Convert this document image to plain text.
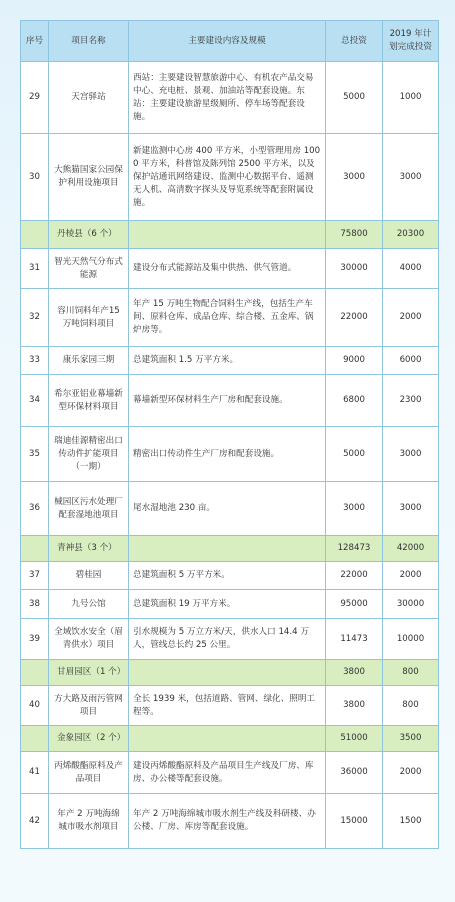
序号	项目名称	主要建设内容及规模	总投资	2019 年计划完成投资
29	天宫驿站	西站：主要建设智慧旅游中心、有机农产品交易中心、充电桩、景观、加油站等配套设施。东站：主要建设旅游星级厕所、停车场等配套设施。	5000	1000
30	大熊猫国家公园保护利用设施项目	新建监测中心房 400 平方米，小型管理用房 1000 平方米，科普馆及陈列馆 2500 平方米，以及保护站通讯网络建设、监测中心数据平台、遥测无人机、高清数字探头及导览系统等配套附属设施。	3000	3000
	丹棱县（6 个）		75800	20300
31	智光天然气分布式能源	建设分布式能源站及集中供热、供气管道。	30000	4000
32	容川饲料年产15万吨饲料项目	年产 15 万吨生物配合饲料生产线，包括生产车间、原料仓库、成品仓库、综合楼、五金库、锅炉房等。	22000	2000
33	康乐家园三期	总建筑面积 1.5 万平方米。	9000	6000
34	希尔亚铝业幕墙新型环保材料项目	幕墙新型环保材料生产厂房和配套设施。	6800	2300
35	瑞迪佳源精密出口传动件扩能项目（一期）	精密出口传动件生产厂房和配套设施。	5000	3000
36	械园区污水处理厂配套湿地池项目	尾水湿地池 230 亩。	3000	3000
	青神县（3 个）		128473	42000
37	碧桂园	总建筑面积 5 万平方米。	22000	2000
38	九号公馆	总建筑面积 19 万平方米。	95000	30000
39	全域饮水安全（眉青供水）项目	引水规模为 5 万立方米/天，供水人口 14.4 万人，管线总长约 25 公里。	11473	10000
	甘眉园区（1 个）		3800	800
40	方大路及雨污管网项目	全长 1939 米，包括道路、管网、绿化、照明工程等。	3800	800
	金象园区（2 个）		51000	3500
41	丙烯酸酯原料及产品项目	建设丙烯酸酯原料及产品项目生产线及厂房、库房、办公楼等配套设施。	36000	2000
42	年产 2 万吨海绵城市吸水剂项目	年产 2 万吨海绵城市吸水剂生产线及科研楼、办公楼、厂房、库房等配套设施。	15000	1500
